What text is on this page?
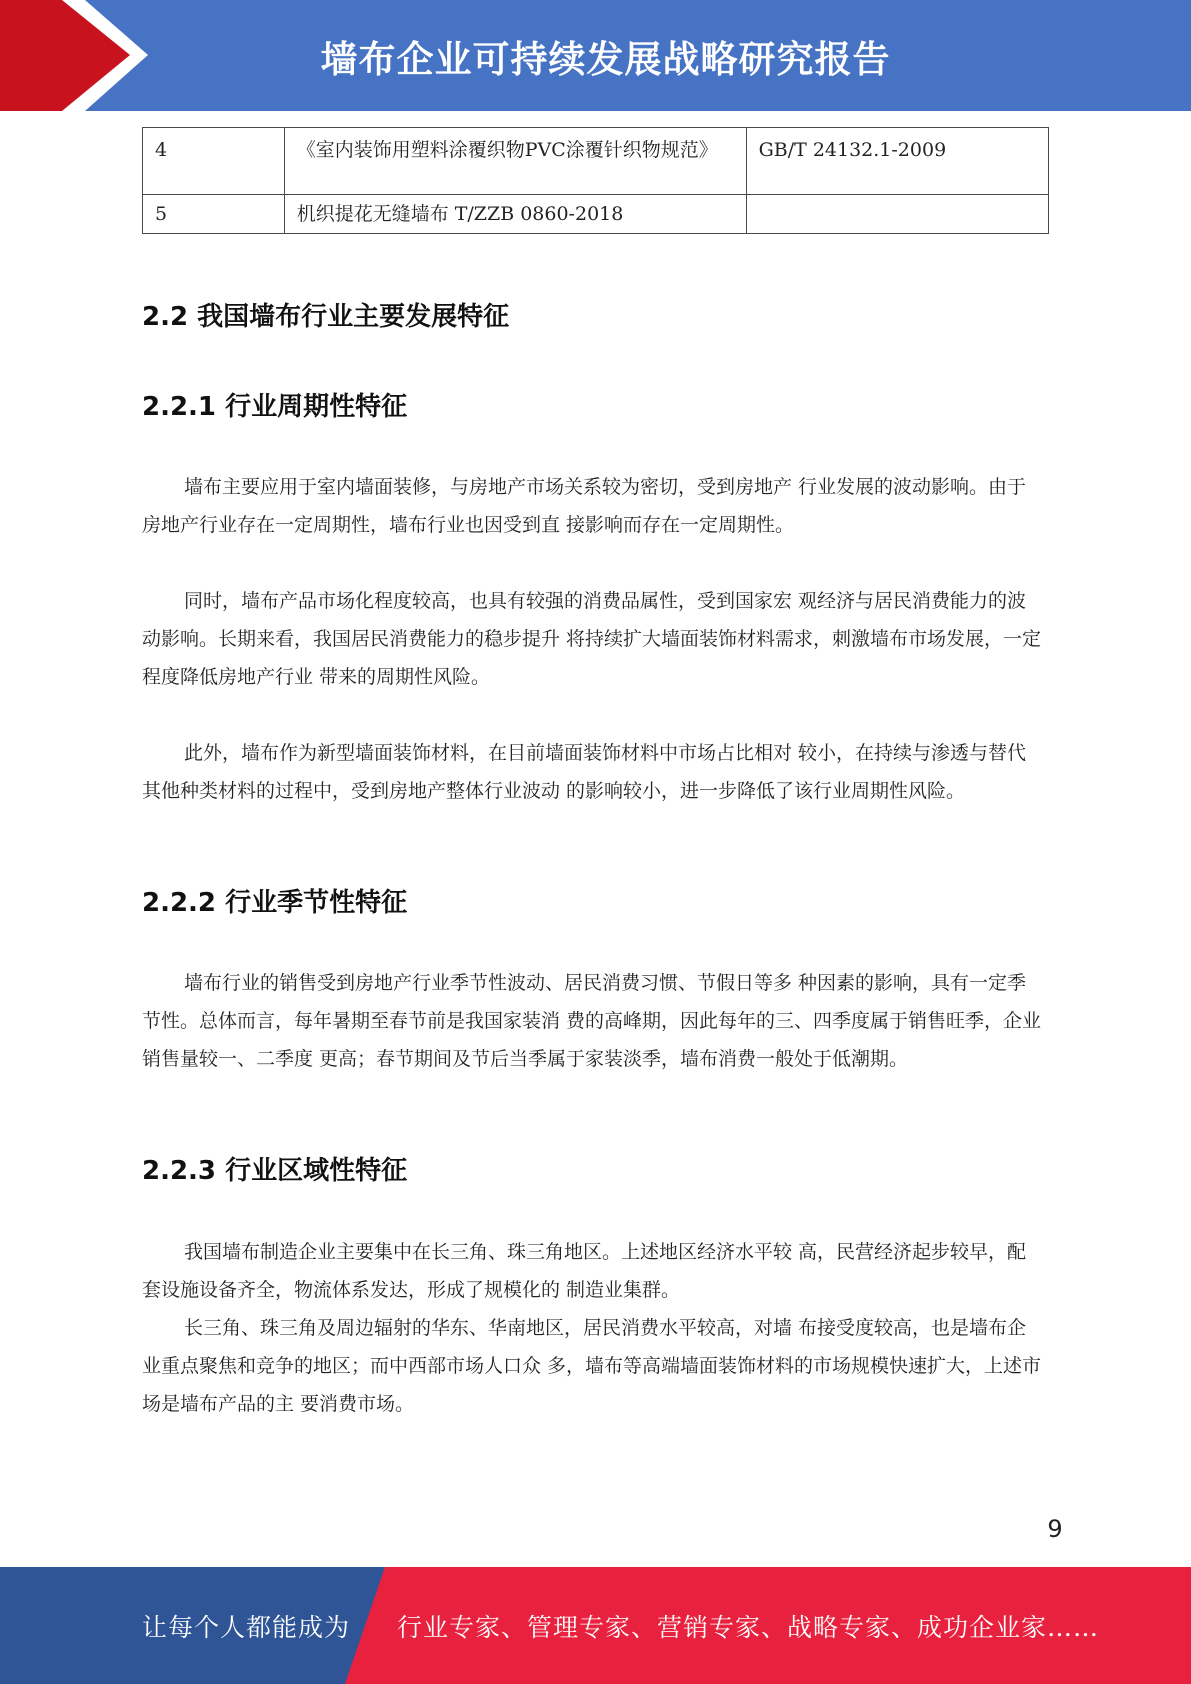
墙布企业可持续发展战略研究报告
4	《室内装饰用塑料涂覆织物PVC涂覆针织物规范》	GB/T 24132.1-2009
5	机织提花无缝墙布 T/ZZB 0860-2018	
2.2 我国墙布行业主要发展特征
2.2.1 行业周期性特征

墙布主要应用于室内墙面装修，与房地产市场关系较为密切，受到房地产 行业发展的波动影响。由于房地产行业存在一定周期性，墙布行业也因受到直 接影响而存在一定周期性。

同时，墙布产品市场化程度较高，也具有较强的消费品属性，受到国家宏 观经济与居民消费能力的波动影响。长期来看，我国居民消费能力的稳步提升 将持续扩大墙面装饰材料需求，刺激墙布市场发展，一定程度降低房地产行业 带来的周期性风险。

此外，墙布作为新型墙面装饰材料，在目前墙面装饰材料中市场占比相对 较小，在持续与渗透与替代其他种类材料的过程中，受到房地产整体行业波动 的影响较小，进一步降低了该行业周期性风险。

2.2.2 行业季节性特征

墙布行业的销售受到房地产行业季节性波动、居民消费习惯、节假日等多 种因素的影响，具有一定季节性。总体而言，每年暑期至春节前是我国家装消 费的高峰期，因此每年的三、四季度属于销售旺季，企业销售量较一、二季度 更高；春节期间及节后当季属于家装淡季，墙布消费一般处于低潮期。

2.2.3 行业区域性特征

我国墙布制造企业主要集中在长三角、珠三角地区。上述地区经济水平较 高，民营经济起步较早，配套设施设备齐全，物流体系发达，形成了规模化的 制造业集群。

长三角、珠三角及周边辐射的华东、华南地区，居民消费水平较高，对墙 布接受度较高，也是墙布企业重点聚焦和竞争的地区；而中西部市场人口众 多，墙布等高端墙面装饰材料的市场规模快速扩大，上述市场是墙布产品的主 要消费市场。

9
让每个人都能成为 行业专家、管理专家、营销专家、战略专家、成功企业家……
